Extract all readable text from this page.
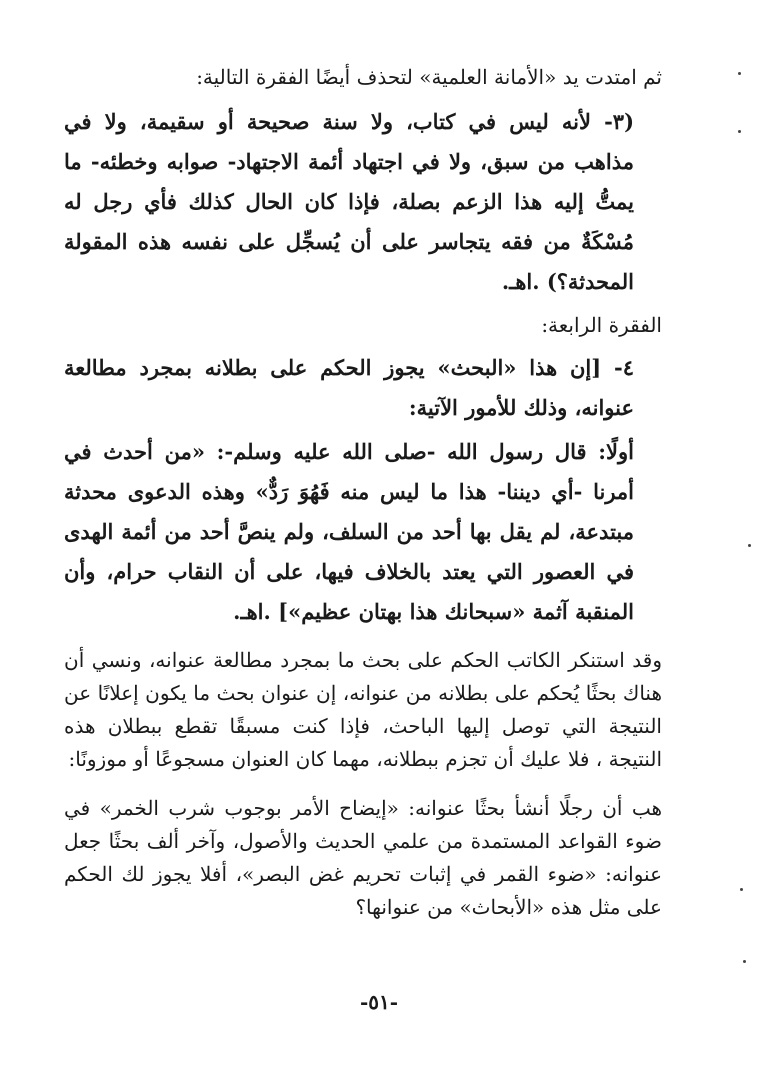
ثم امتدت يد «الأمانة العلمية» لتحذف أيضًا الفقرة التالية:

(٣- لأنه ليس في كتاب، ولا سنة صحيحة أو سقيمة، ولا في مذاهب من سبق، ولا في اجتهاد أئمة الاجتهاد- صوابه وخطئه- ما يمتُّ إليه هذا الزعم بصلة، فإذا كان الحال كذلك فأي رجل له مُسْكَةٌ من فقه يتجاسر على أن يُسجِّل على نفسه هذه المقولة المحدثة؟) .اهـ.

الفقرة الرابعة:

٤- [إن هذا «البحث» يجوز الحكم على بطلانه بمجرد مطالعة عنوانه، وذلك للأمور الآتية:

أولًا: قال رسول الله -صلى الله عليه وسلم-: «من أحدث في أمرنا -أي ديننا- هذا ما ليس منه فَهُوَ رَدٌّ» وهذه الدعوى محدثة مبتدعة، لم يقل بها أحد من السلف، ولم ينصَّ أحد من أئمة الهدى في العصور التي يعتد بالخلاف فيها، على أن النقاب حرام، وأن المنقبة آثمة «سبحانك هذا بهتان عظيم»] .اهـ.

وقد استنكر الكاتب الحكم على بحث ما بمجرد مطالعة عنوانه، ونسي أن هناك بحثًا يُحكم على بطلانه من عنوانه، إن عنوان بحث ما يكون إعلانًا عن النتيجة التي توصل إليها الباحث، فإذا كنت مسبقًا تقطع ببطلان هذه النتيجة ، فلا عليك أن تجزم ببطلانه، مهما كان العنوان مسجوعًا أو موزونًا:

هب أن رجلًا أنشأ بحثًا عنوانه: «إيضاح الأمر بوجوب شرب الخمر» في ضوء القواعد المستمدة من علمي الحديث والأصول، وآخر ألف بحثًا جعل عنوانه: «ضوء القمر في إثبات تحريم غض البصر»، أفلا يجوز لك الحكم على مثل هذه «الأبحاث» من عنوانها؟

-٥١-
